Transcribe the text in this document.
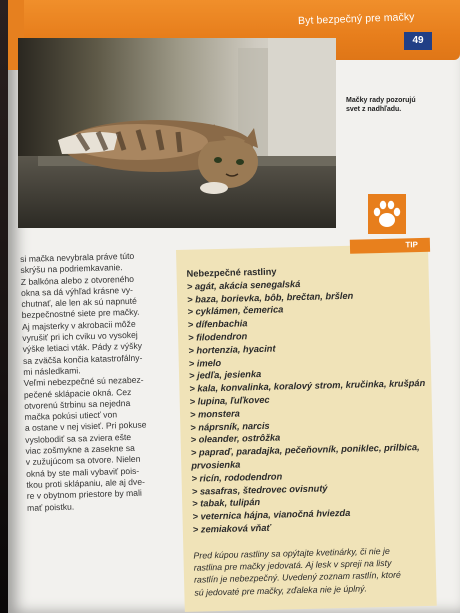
Byt bezpečný pre mačky
49
Mačky rady pozorujú svet z nadhľadu.
si mačka nevybrala práve túto
skrýšu na podriemkavanie.
Z balkóna alebo z otvoreného
okna sa dá výhľad krásne vy-
chutnať, ale len ak sú napnuté
bezpečnostné siete pre mačky.
Aj majsterky v akrobacii môže
vyrušiť pri ich cviku vo vysokej
výške letiaci vták. Pády z výšky
sa zväčša končia katastrofálny-
mi následkami.
Veľmi nebezpečné sú nezabez-
pečené sklápacie okná. Cez
otvorenú štrbinu sa nejedna
mačka pokúsi utiecť von
a ostane v nej visieť. Pri pokuse
vyslobodiť sa sa zviera ešte
viac zošmykne a zasekne sa
v zužujúcom sa otvore. Nielen
okná by ste mali vybaviť pois-
tkou proti sklápaniu, ale aj dve-
re v obytnom priestore by mali
mať poistku.
TIP
Nebezpečné rastliny
> agát, akácia senegalská
> baza, borievka, bôb, brečtan, bršlen
> cyklámen, čemerica
> dífenbachia
> filodendron
> hortenzia, hyacint
> imelo
> jedľa, jesienka
> kala, konvalinka, koralový strom, kručinka, krušpán
> lupina, ľuľkovec
> monstera
> náprsník, narcis
> oleander, ostrôžka
> papraď, paradajka, pečeňovník, poniklec, prilbica,
prvosienka
> ricín, rododendron
> sasafras, štedrovec ovisnutý
> tabak, tulipán
> veternica hájna, vianočná hviezda
> zemiaková vňať
Pred kúpou rastliny sa opýtajte kvetinárky, či nie je
rastlina pre mačky jedovatá. Aj lesk v spreji na listy
rastlín je nebezpečný. Uvedený zoznam rastlín, ktoré
sú jedovaté pre mačky, zďaleka nie je úplný.
